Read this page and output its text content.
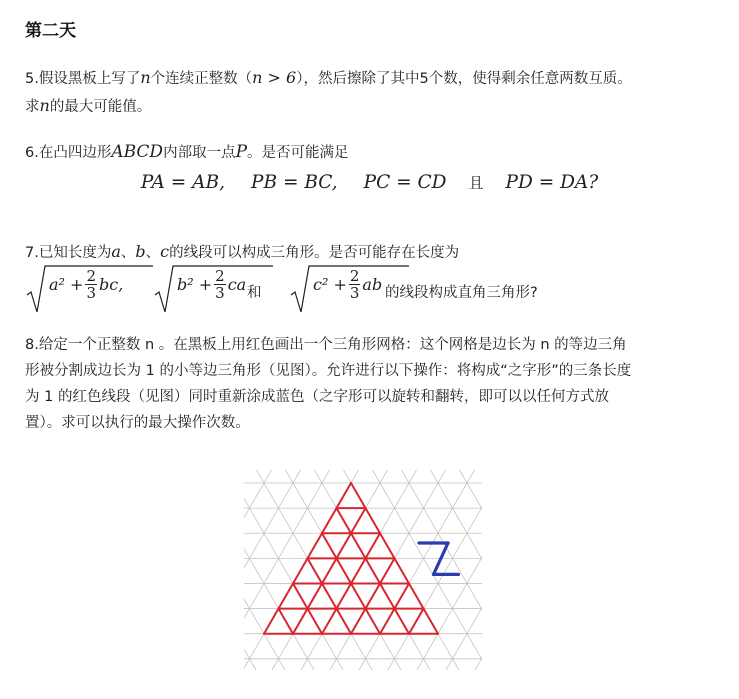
第二天
5.假设黑板上写了n个连续正整数（n > 6），然后擦除了其中5个数，使得剩余任意两数互质。
求n的最大可能值。
6.在凸四边形ABCD内部取一点P。是否可能满足
PA = AB, PB = BC, PC = CD 且 PD = DA?
7.已知长度为a、b、c的线段可以构成三角形。是否可能存在长度为
$a^2 + \frac{2}{3}$ bc,	$b^2 + \frac{2}{3}$ ca 和	$c^2 + \frac{2}{3}$ ab 的线段构成直角三角形?

8.给定一个正整数 n 。在黑板上用红色画出一个三角形网格：这个网格是边长为 n 的等边三角

形被分割成边长为 1 的小等边三角形（见图）。允许进行以下操作：将构成“之字形”的三条长度

为 1 的红色线段（见图）同时重新涂成蓝色（之字形可以旋转和翻转，即可以以任何方式放

置）。求可以执行的最大操作次数。
